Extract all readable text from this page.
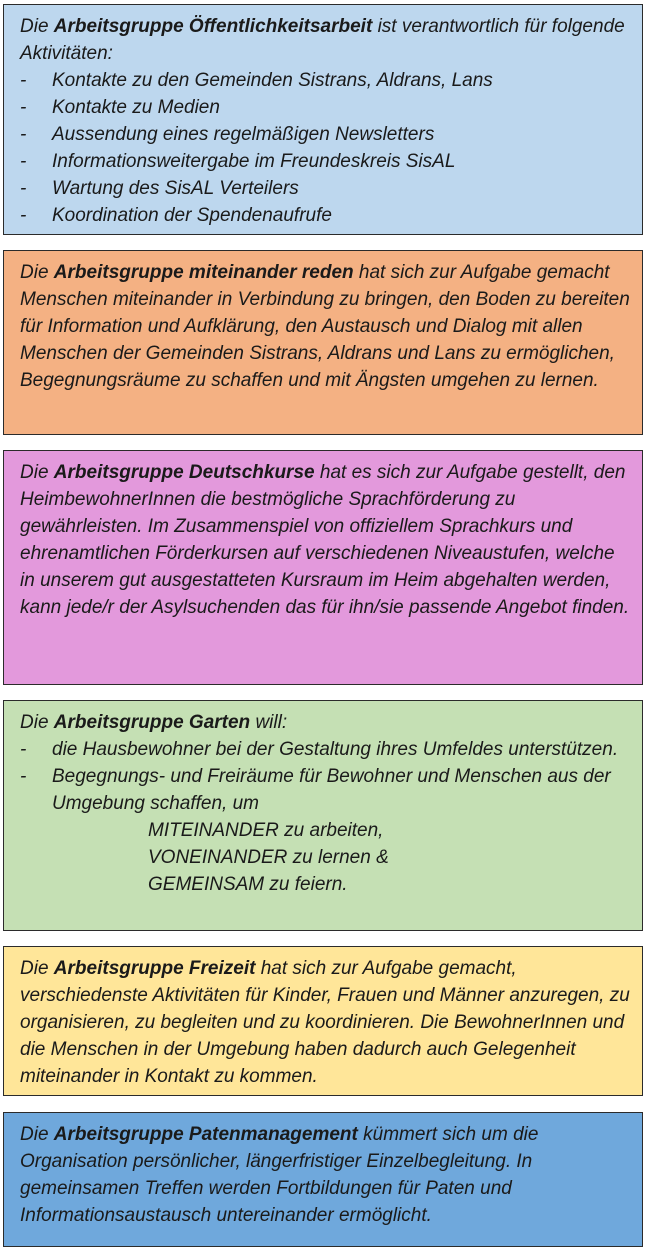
Die Arbeitsgruppe Öffentlichkeitsarbeit ist verantwortlich für folgende Aktivitäten:

- Kontakte zu den Gemeinden Sistrans, Aldrans, Lans
- Kontakte zu Medien
- Aussendung eines regelmäßigen Newsletters
- Informationsweitergabe im Freundeskreis SisAL
- Wartung des SisAL Verteilers
- Koordination der Spendenaufrufe

Die Arbeitsgruppe miteinander reden hat sich zur Aufgabe gemacht Menschen miteinander in Verbindung zu bringen, den Boden zu bereiten für Information und Aufklärung, den Austausch und Dialog mit allen Menschen der Gemeinden Sistrans, Aldrans und Lans zu ermöglichen, Begegnungsräume zu schaffen und mit Ängsten umgehen zu lernen.

Die Arbeitsgruppe Deutschkurse hat es sich zur Aufgabe gestellt, den HeimbewohnerInnen die bestmögliche Sprachförderung zu gewährleisten. Im Zusammenspiel von offiziellem Sprachkurs und ehrenamtlichen Förderkursen auf verschiedenen Niveaustufen, welche in unserem gut ausgestatteten Kursraum im Heim abgehalten werden, kann jede/r der Asylsuchenden das für ihn/sie passende Angebot finden.

Die Arbeitsgruppe Garten will:

- die Hausbewohner bei der Gestaltung ihres Umfeldes unterstützen.
- Begegnungs- und Freiräume für Bewohner und Menschen aus der Umgebung schaffen, um
MITEINANDER zu arbeiten,
VONEINANDER zu lernen &
GEMEINSAM zu feiern.

Die Arbeitsgruppe Freizeit hat sich zur Aufgabe gemacht, verschiedenste Aktivitäten für Kinder, Frauen und Männer anzuregen, zu organisieren, zu begleiten und zu koordinieren. Die BewohnerInnen und die Menschen in der Umgebung haben dadurch auch Gelegenheit miteinander in Kontakt zu kommen.

Die Arbeitsgruppe Patenmanagement kümmert sich um die Organisation persönlicher, längerfristiger Einzelbegleitung. In gemeinsamen Treffen werden Fortbildungen für Paten und Informationsaustausch untereinander ermöglicht.
